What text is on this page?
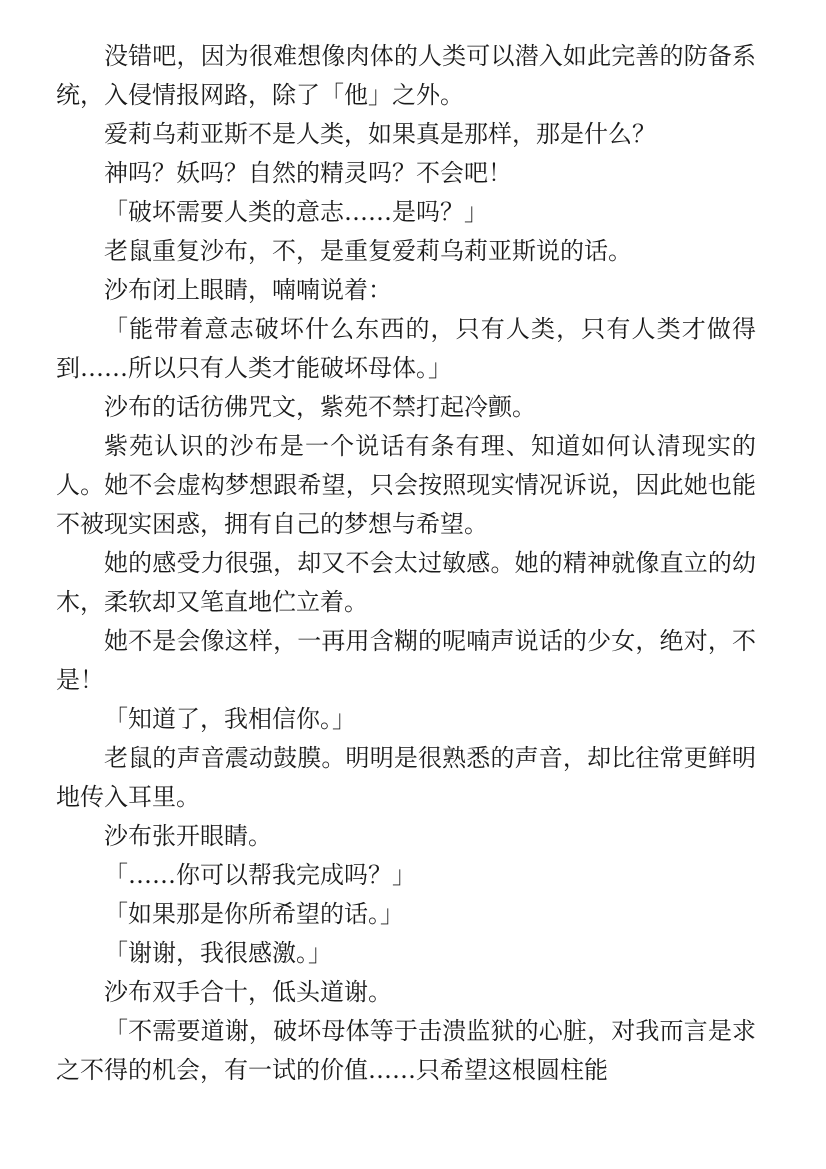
没错吧，因为很难想像肉体的人类可以潜入如此完善的防备系统，入侵情报网路，除了「他」之外。

爱莉乌莉亚斯不是人类，如果真是那样，那是什么？

神吗？妖吗？自然的精灵吗？不会吧！

「破坏需要人类的意志……是吗？」

老鼠重复沙布，不，是重复爱莉乌莉亚斯说的话。

沙布闭上眼睛，喃喃说着：

「能带着意志破坏什么东西的，只有人类，只有人类才做得到……所以只有人类才能破坏母体。」

沙布的话彷佛咒文，紫苑不禁打起冷颤。

紫苑认识的沙布是一个说话有条有理、知道如何认清现实的人。她不会虚构梦想跟希望，只会按照现实情况诉说，因此她也能不被现实困惑，拥有自己的梦想与希望。

她的感受力很强，却又不会太过敏感。她的精神就像直立的幼木，柔软却又笔直地伫立着。

她不是会像这样，一再用含糊的呢喃声说话的少女，绝对，不是！

「知道了，我相信你。」

老鼠的声音震动鼓膜。明明是很熟悉的声音，却比往常更鲜明地传入耳里。

沙布张开眼睛。

「……你可以帮我完成吗？」

「如果那是你所希望的话。」

「谢谢，我很感激。」

沙布双手合十，低头道谢。

「不需要道谢，破坏母体等于击溃监狱的心脏，对我而言是求之不得的机会，有一试的价值……只希望这根圆柱能
